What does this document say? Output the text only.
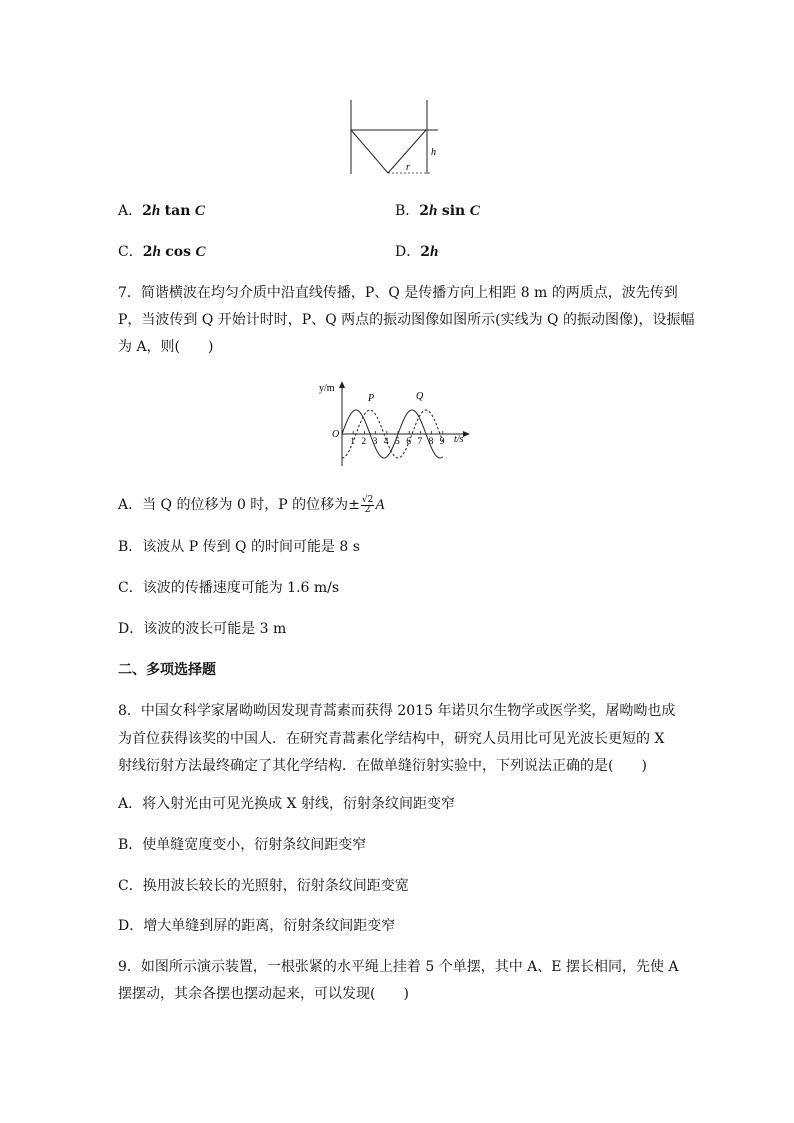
h
r
A．2h tan C	B．2h sin C
C．2h cos C	D．2h
7．简谐横波在均匀介质中沿直线传播，P、Q 是传播方向上相距 8 m 的两质点，波先传到
P，当波传到 Q 开始计时时，P、Q 两点的振动图像如图所示(实线为 Q 的振动图像)，设振幅
为 A，则(　　)
y/m
t/s
O
P	Q
1 2 3 4 5 6 7 8 9
A．当 Q 的位移为 0 时，P 的位移为± $\frac{√2}{2}$ A
B．该波从 P 传到 Q 的时间可能是 8 s
C．该波的传播速度可能为 1.6 m/s
D．该波的波长可能是 3 m
二、多项选择题
8．中国女科学家屠呦呦因发现青蒿素而获得 2015 年诺贝尔生物学或医学奖，屠呦呦也成
为首位获得该奖的中国人．在研究青蒿素化学结构中，研究人员用比可见光波长更短的 X
射线衍射方法最终确定了其化学结构．在做单缝衍射实验中，下列说法正确的是(　　)
A．将入射光由可见光换成 X 射线，衍射条纹间距变窄
B．使单缝宽度变小，衍射条纹间距变窄
C．换用波长较长的光照射，衍射条纹间距变宽
D．增大单缝到屏的距离，衍射条纹间距变窄
9．如图所示演示装置，一根张紧的水平绳上挂着 5 个单摆，其中 A、E 摆长相同，先使 A
摆摆动，其余各摆也摆动起来，可以发现(　　)
